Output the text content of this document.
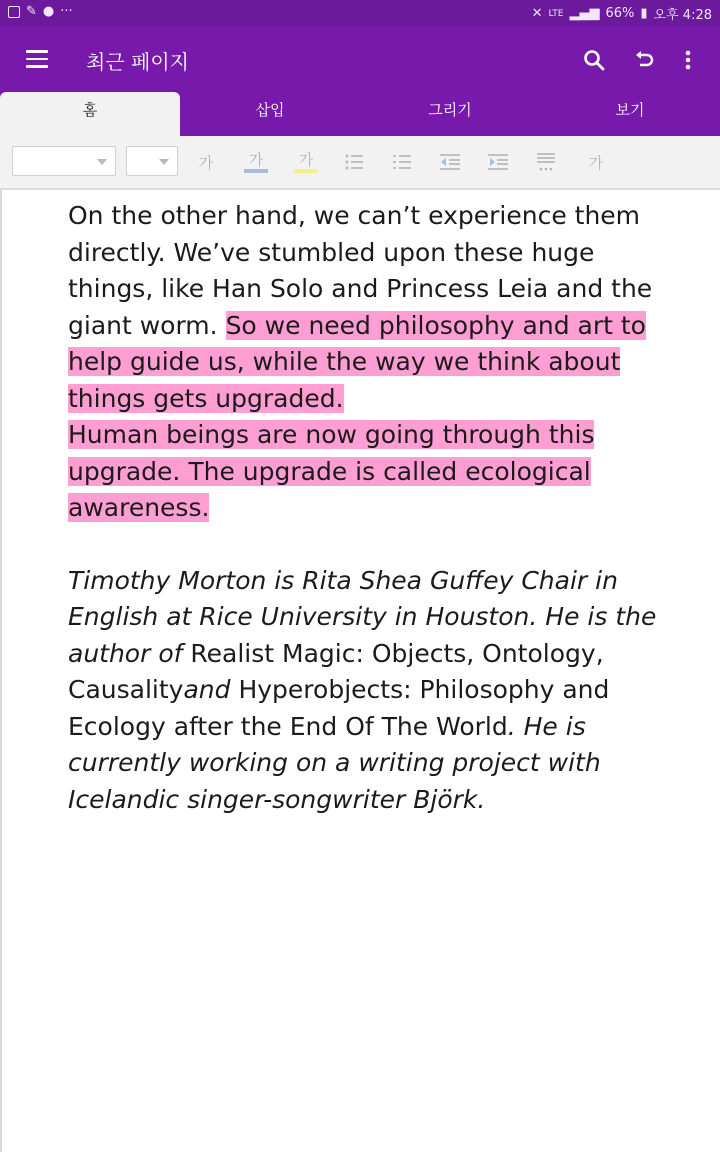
✎ ● ···	✕ LTE ▂▄▆ 66% ▮ 오후 4:28
최근 페이지
홈	삽입	그리기	보기
가 가 가	가

On the other hand, we can’t experience them directly. We’ve stumbled upon these huge things, like Han Solo and Princess Leia and the giant worm. So we need philosophy and art to help guide us, while the way we think about things gets upgraded.

Human beings are now going through this upgrade. The upgrade is called ecological awareness.

Timothy Morton is Rita Shea Guffey Chair in English at Rice University in Houston. He is the author of Realist Magic: Objects, Ontology, Causalityand Hyperobjects: Philosophy and Ecology after the End Of The World. He is currently working on a writing project with Icelandic singer-songwriter Björk.
